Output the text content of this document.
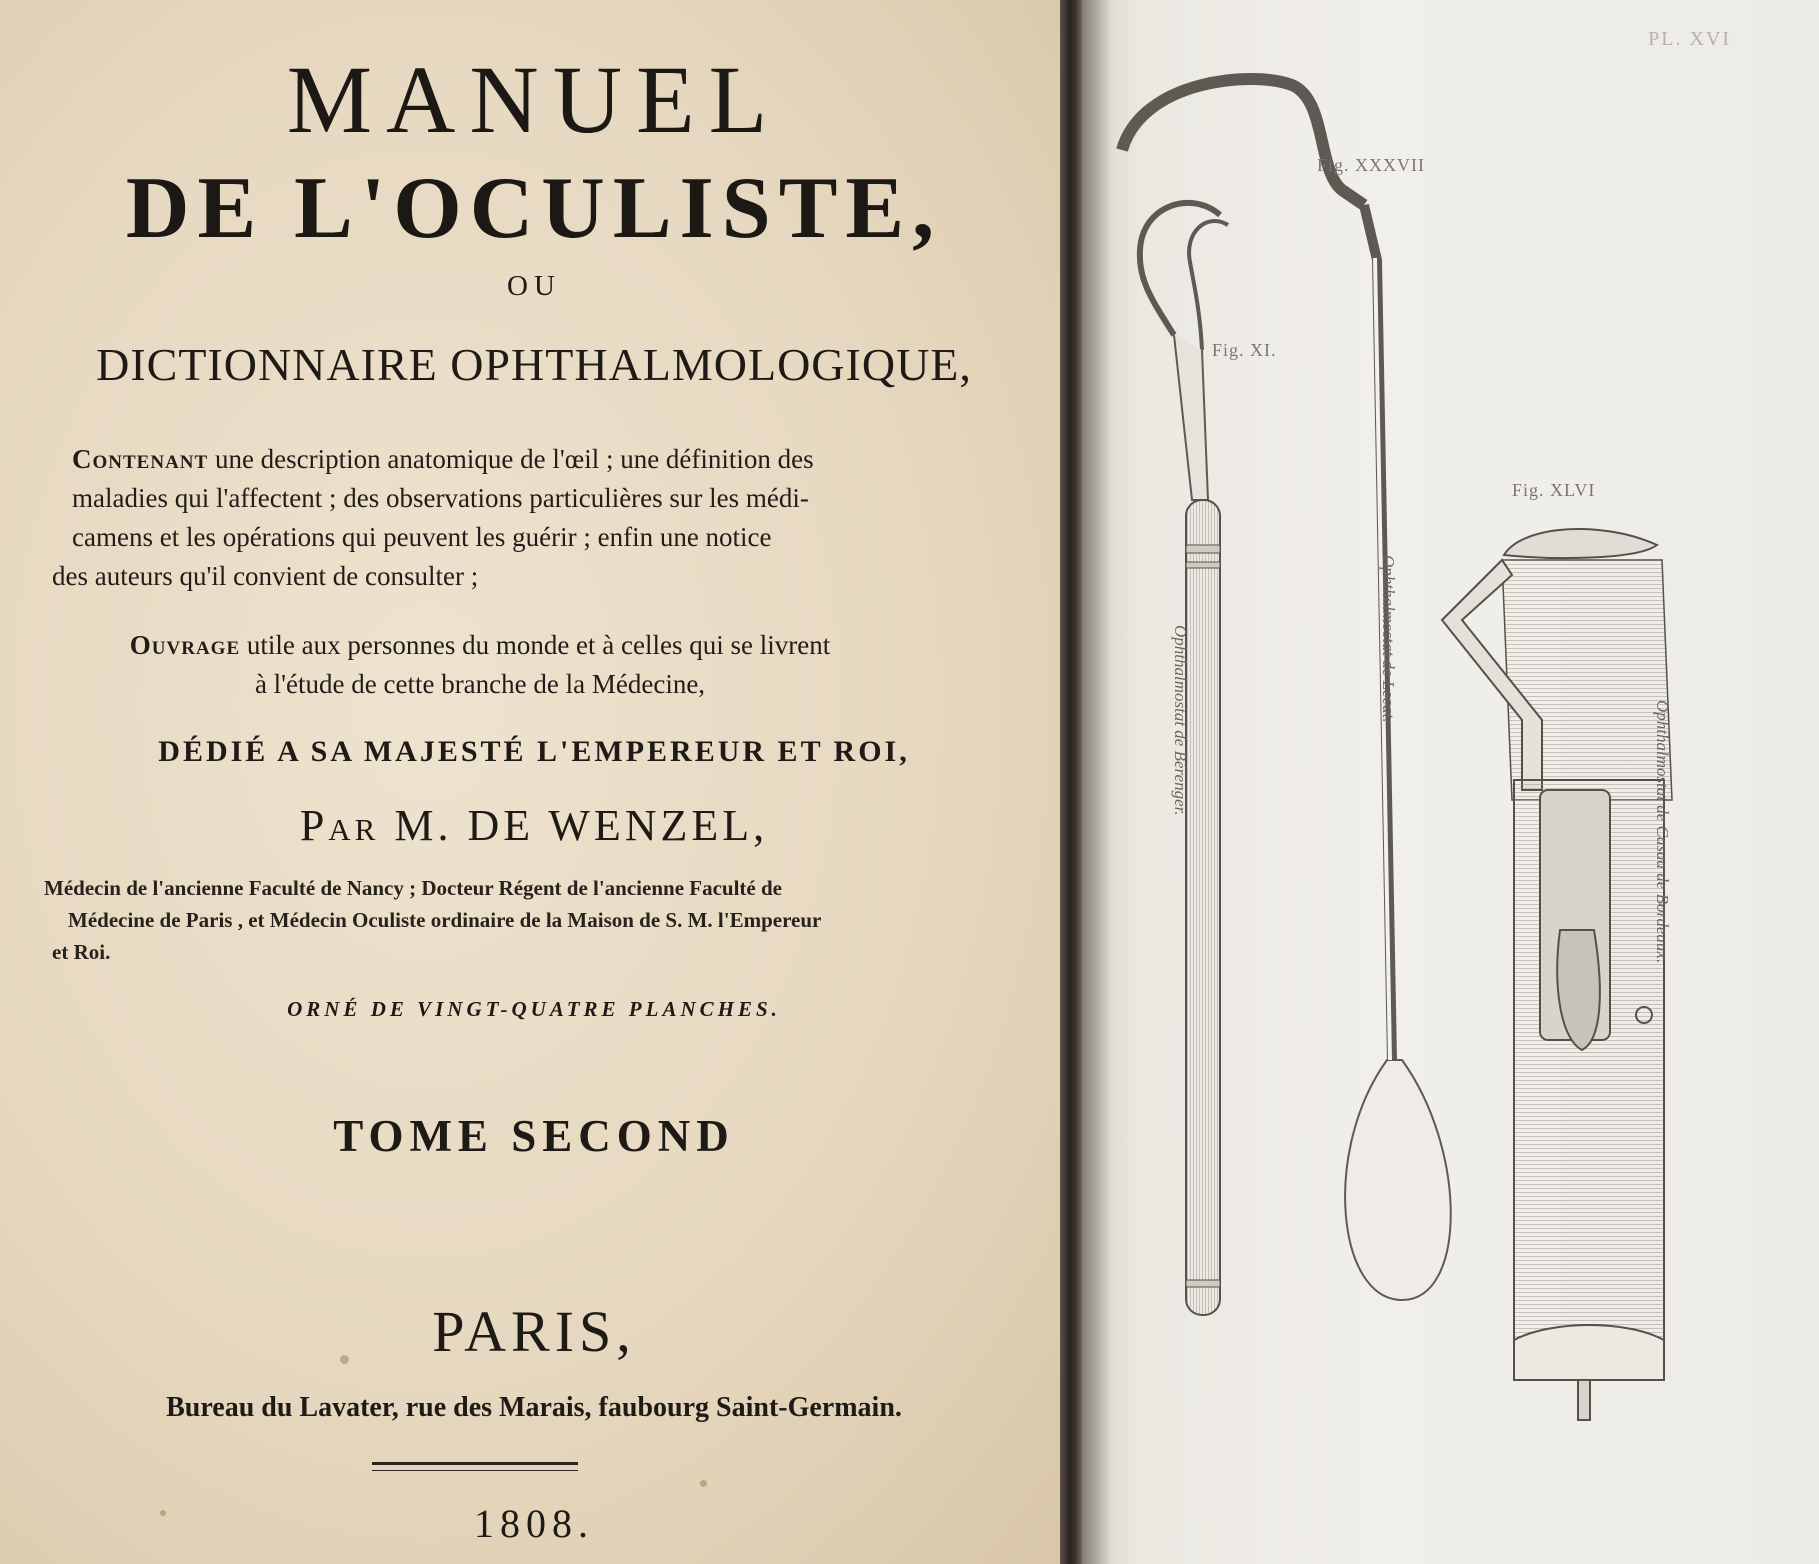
MANUEL
DE L'OCULISTE,

OU

DICTIONNAIRE OPHTHALMOLOGIQUE,

Contenant une description anatomique de l'œil ; une définition des
maladies qui l'affectent ; des observations particulières sur les médi-
camens et les opérations qui peuvent les guérir ; enfin une notice
des auteurs qu'il convient de consulter ;
Ouvrage utile aux personnes du monde et à celles qui se livrent
à l'étude de cette branche de la Médecine,

DÉDIÉ A SA MAJESTÉ L'EMPEREUR ET ROI,

Par M. DE WENZEL,

Médecin de l'ancienne Faculté de Nancy ; Docteur Régent de l'ancienne Faculté de
Médecine de Paris , et Médecin Oculiste ordinaire de la Maison de S. M. l'Empereur
et Roi.

ORNÉ DE VINGT-QUATRE PLANCHES.

TOME SECOND

PARIS,

Bureau du Lavater, rue des Marais, faubourg Saint-Germain.

1808.

PL. XVI
Fig. XI.
Fig. XXXVII
Fig. XLVI
Ophthalmostat de Bérenger.	Ophthalmostat de Lecat.
Ophthalmostat de Casaa de Bordeaux.
